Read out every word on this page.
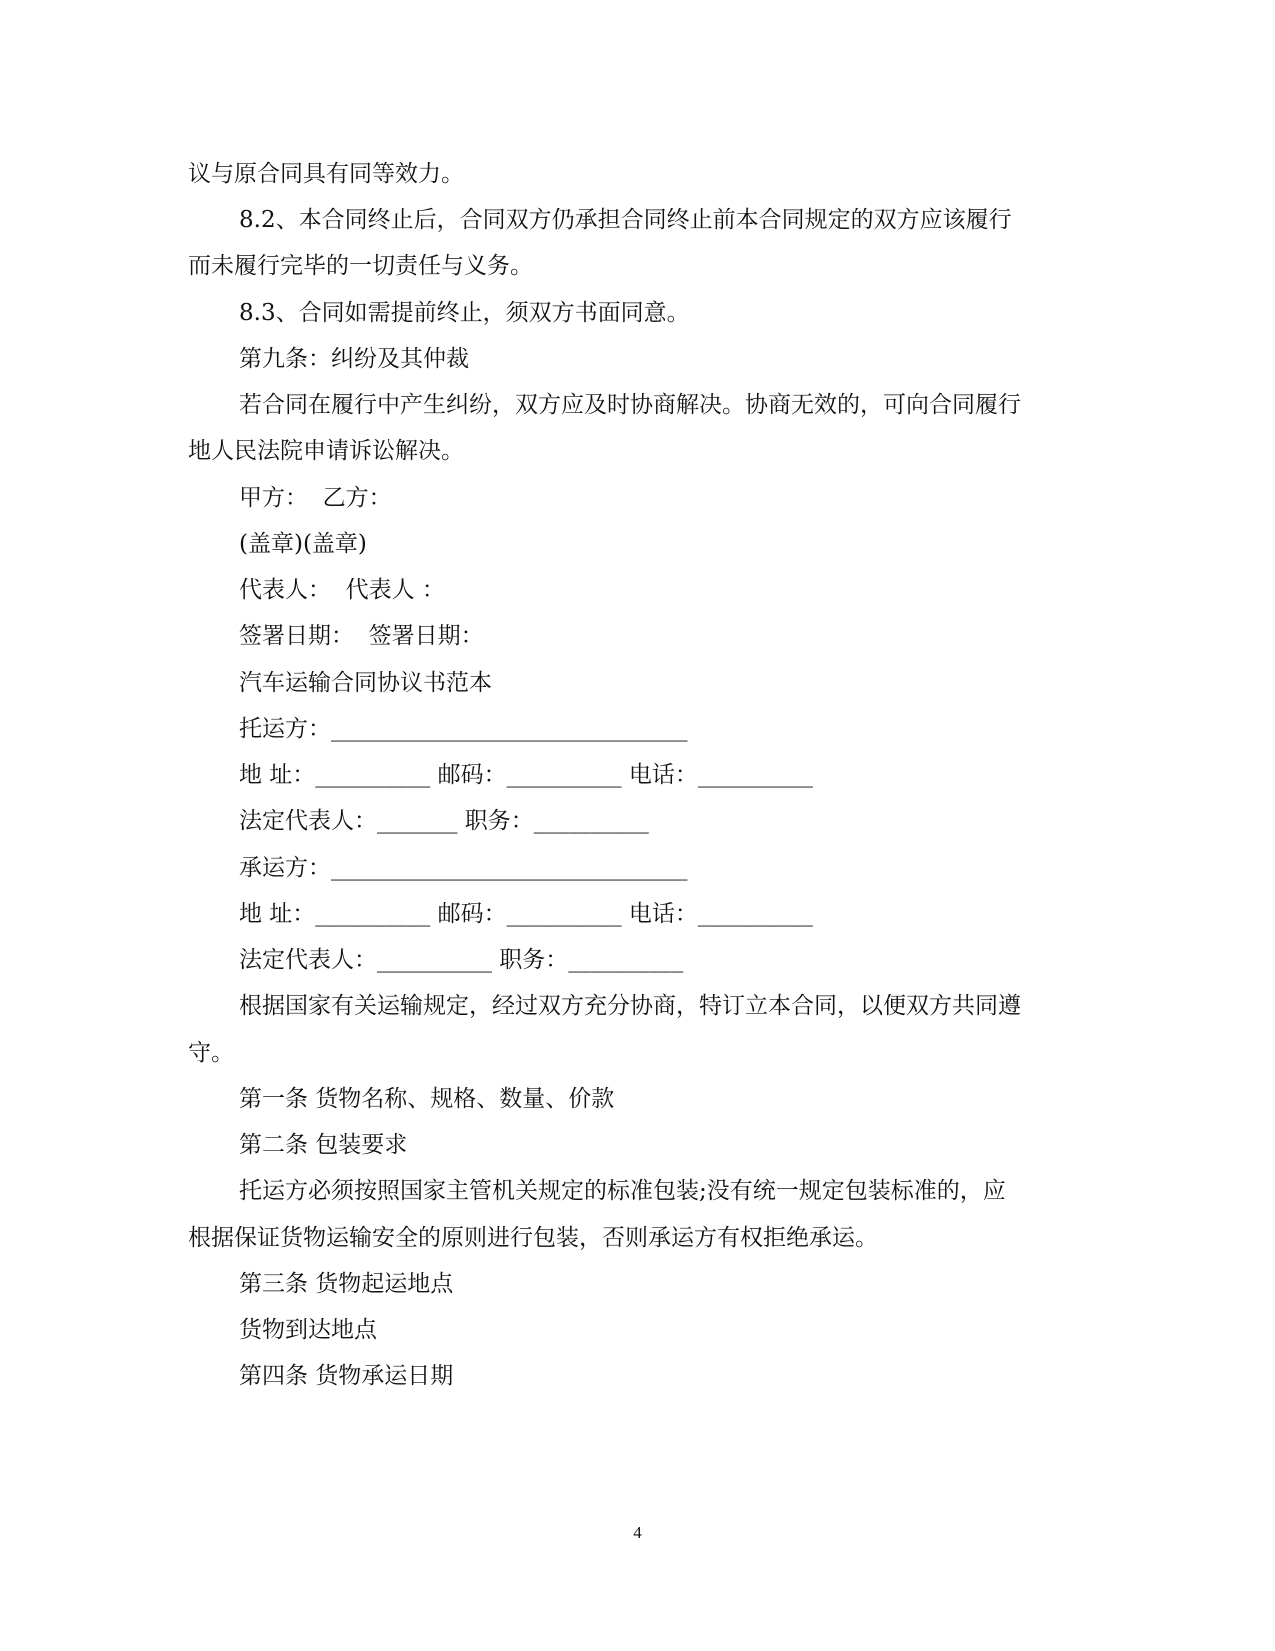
议与原合同具有同等效力。
8.2、本合同终止后，合同双方仍承担合同终止前本合同规定的双方应该履行
而未履行完毕的一切责任与义务。
8.3、合同如需提前终止，须双方书面同意。
第九条：纠纷及其仲裁
若合同在履行中产生纠纷，双方应及时协商解决。协商无效的，可向合同履行
地人民法院申请诉讼解决。
甲方：  乙方：
(盖章)(盖章)
代表人：  代表人 ：
签署日期：  签署日期：
汽车运输合同协议书范本
托运方：_______________________________
地 址：__________ 邮码：__________ 电话：__________
法定代表人：_______ 职务：__________
承运方：_______________________________
地 址：__________ 邮码：__________ 电话：__________
法定代表人：__________ 职务：__________
根据国家有关运输规定，经过双方充分协商，特订立本合同，以便双方共同遵
守。
第一条 货物名称、规格、数量、价款
第二条 包装要求
托运方必须按照国家主管机关规定的标准包装;没有统一规定包装标准的，应
根据保证货物运输安全的原则进行包装，否则承运方有权拒绝承运。
第三条 货物起运地点
货物到达地点
第四条 货物承运日期
4
